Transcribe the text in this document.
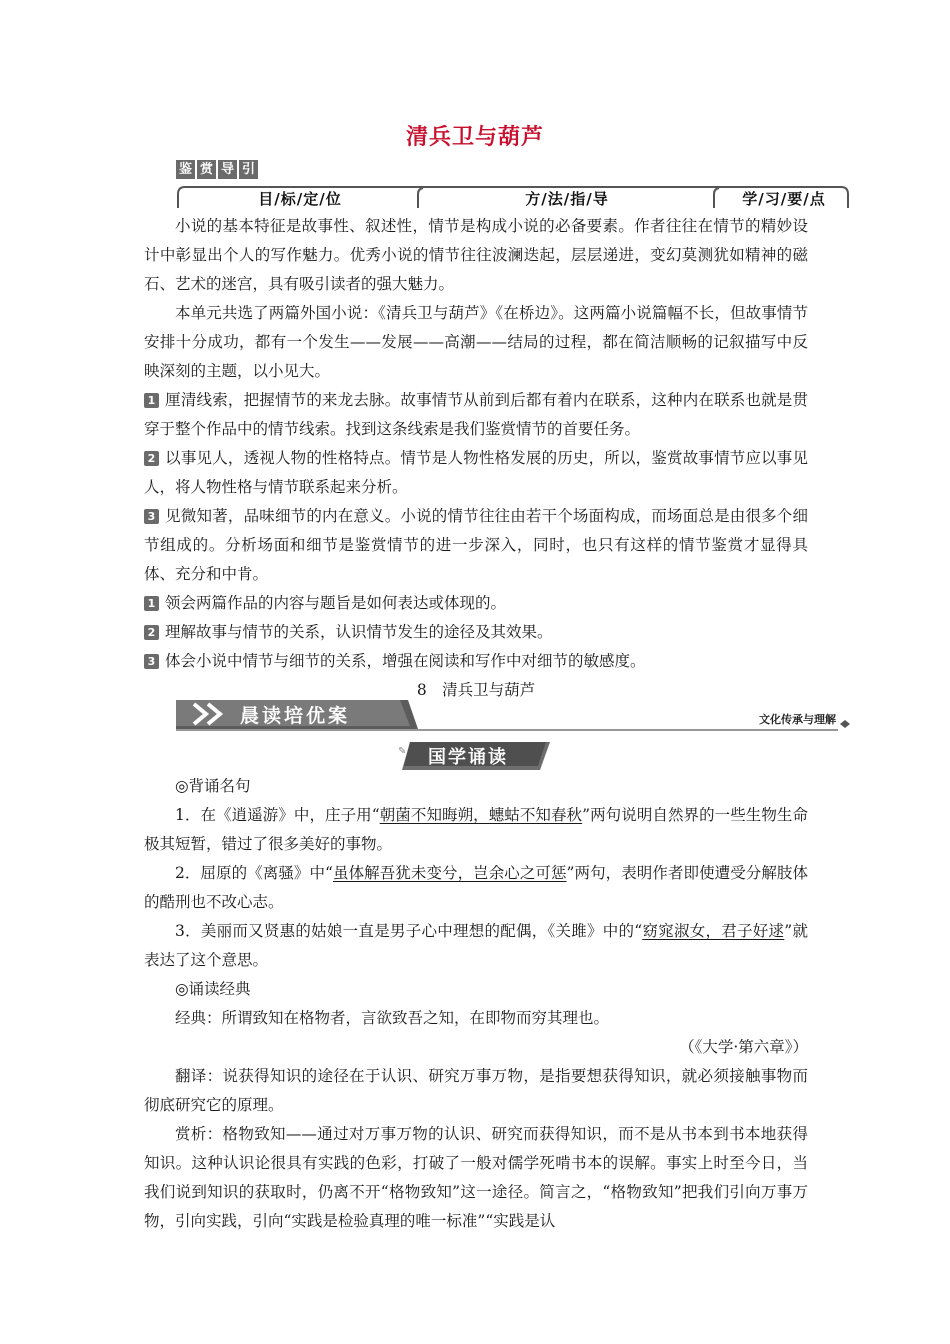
清兵卫与葫芦
鉴 赏 导 引
目/标/定/位	方/法/指/导	学/习/要/点

小说的基本特征是故事性、叙述性，情节是构成小说的必备要素。作者往往在情节的精妙设计中彰显出个人的写作魅力。优秀小说的情节往往波澜迭起，层层递进，变幻莫测犹如精神的磁石、艺术的迷宫，具有吸引读者的强大魅力。

本单元共选了两篇外国小说：《清兵卫与葫芦》《在桥边》。这两篇小说篇幅不长，但故事情节安排十分成功，都有一个发生——发展——高潮——结局的过程，都在简洁顺畅的记叙描写中反映深刻的主题，以小见大。

1 厘清线索，把握情节的来龙去脉。故事情节从前到后都有着内在联系，这种内在联系也就是贯穿于整个作品中的情节线索。找到这条线索是我们鉴赏情节的首要任务。

2 以事见人，透视人物的性格特点。情节是人物性格发展的历史，所以，鉴赏故事情节应以事见人，将人物性格与情节联系起来分析。

3 见微知著，品味细节的内在意义。小说的情节往往由若干个场面构成，而场面总是由很多个细节组成的。分析场面和细节是鉴赏情节的进一步深入，同时，也只有这样的情节鉴赏才显得具体、充分和中肯。

1 领会两篇作品的内容与题旨是如何表达或体现的。

2 理解故事与情节的关系，认识情节发生的途径及其效果。

3 体会小说中情节与细节的关系，增强在阅读和写作中对细节的敏感度。

8　清兵卫与葫芦

晨读培优案	文化传承与理解
✎ 国学诵读

◎背诵名句

1．在《逍遥游》中，庄子用“朝菌不知晦朔，蟪蛄不知春秋”两句说明自然界的一些生物生命极其短暂，错过了很多美好的事物。

2．屈原的《离骚》中“虽体解吾犹未变兮，岂余心之可惩”两句，表明作者即使遭受分解肢体的酷刑也不改心志。

3．美丽而又贤惠的姑娘一直是男子心中理想的配偶，《关雎》中的“窈窕淑女，君子好逑”就表达了这个意思。

◎诵读经典

经典：所谓致知在格物者，言欲致吾之知，在即物而穷其理也。

（《大学·第六章》）

翻译：说获得知识的途径在于认识、研究万事万物，是指要想获得知识，就必须接触事物而彻底研究它的原理。

赏析：格物致知——通过对万事万物的认识、研究而获得知识，而不是从书本到书本地获得知识。这种认识论很具有实践的色彩，打破了一般对儒学死啃书本的误解。事实上时至今日，当我们说到知识的获取时，仍离不开“格物致知”这一途径。简言之，“格物致知”把我们引向万事万物，引向实践，引向“实践是检验真理的唯一标准”“实践是认
